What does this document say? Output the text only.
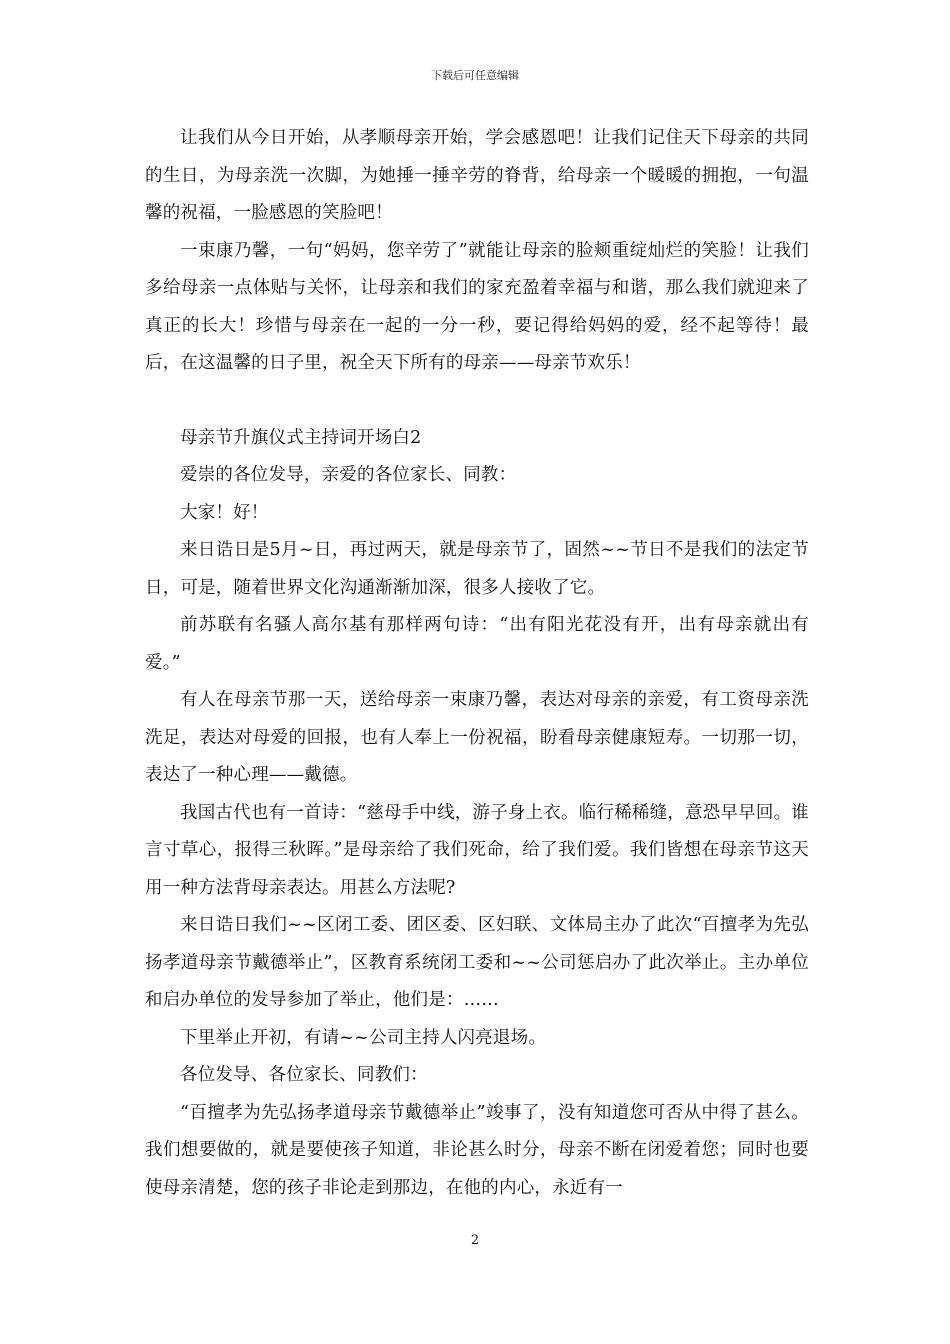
下载后可任意编辑

让我们从今日开始，从孝顺母亲开始，学会感恩吧！让我们记住天下母亲的共同的生日，为母亲洗一次脚，为她捶一捶辛劳的脊背，给母亲一个暖暖的拥抱，一句温馨的祝福，一脸感恩的笑脸吧！

一束康乃馨，一句“妈妈，您辛劳了”就能让母亲的脸颊重绽灿烂的笑脸！让我们多给母亲一点体贴与关怀，让母亲和我们的家充盈着幸福与和谐，那么我们就迎来了真正的长大！珍惜与母亲在一起的一分一秒，要记得给妈妈的爱，经不起等待！最后，在这温馨的日子里，祝全天下所有的母亲——母亲节欢乐！

母亲节升旗仪式主持词开场白2

爱崇的各位发导，亲爱的各位家长、同教：

大家！好！

来日诰日是5月~日，再过两天，就是母亲节了，固然~~节日不是我们的法定节日，可是，随着世界文化沟通渐渐加深，很多人接收了它。

前苏联有名骚人高尔基有那样两句诗：“出有阳光花没有开，出有母亲就出有爱。”

有人在母亲节那一天，送给母亲一束康乃馨，表达对母亲的亲爱，有工资母亲洗洗足，表达对母爱的回报，也有人奉上一份祝福，盼看母亲健康短寿。一切那一切，表达了一种心理——戴德。

我国古代也有一首诗：“慈母手中线，游子身上衣。临行稀稀缝，意恐早早回。谁言寸草心，报得三秋晖。”是母亲给了我们死命，给了我们爱。我们皆想在母亲节这天用一种方法背母亲表达。用甚么方法呢?

来日诰日我们~~区闭工委、团区委、区妇联、文体局主办了此次“百擅孝为先弘扬孝道母亲节戴德举止”，区教育系统闭工委和~~公司惩启办了此次举止。主办单位和启办单位的发导参加了举止，他们是：……

下里举止开初，有请~~公司主持人闪亮退场。

各位发导、各位家长、同教们：

“百擅孝为先弘扬孝道母亲节戴德举止”竣事了，没有知道您可否从中得了甚么。我们想要做的，就是要使孩子知道，非论甚么时分，母亲不断在闭爱着您；同时也要使母亲清楚，您的孩子非论走到那边，在他的内心，永近有一

2
